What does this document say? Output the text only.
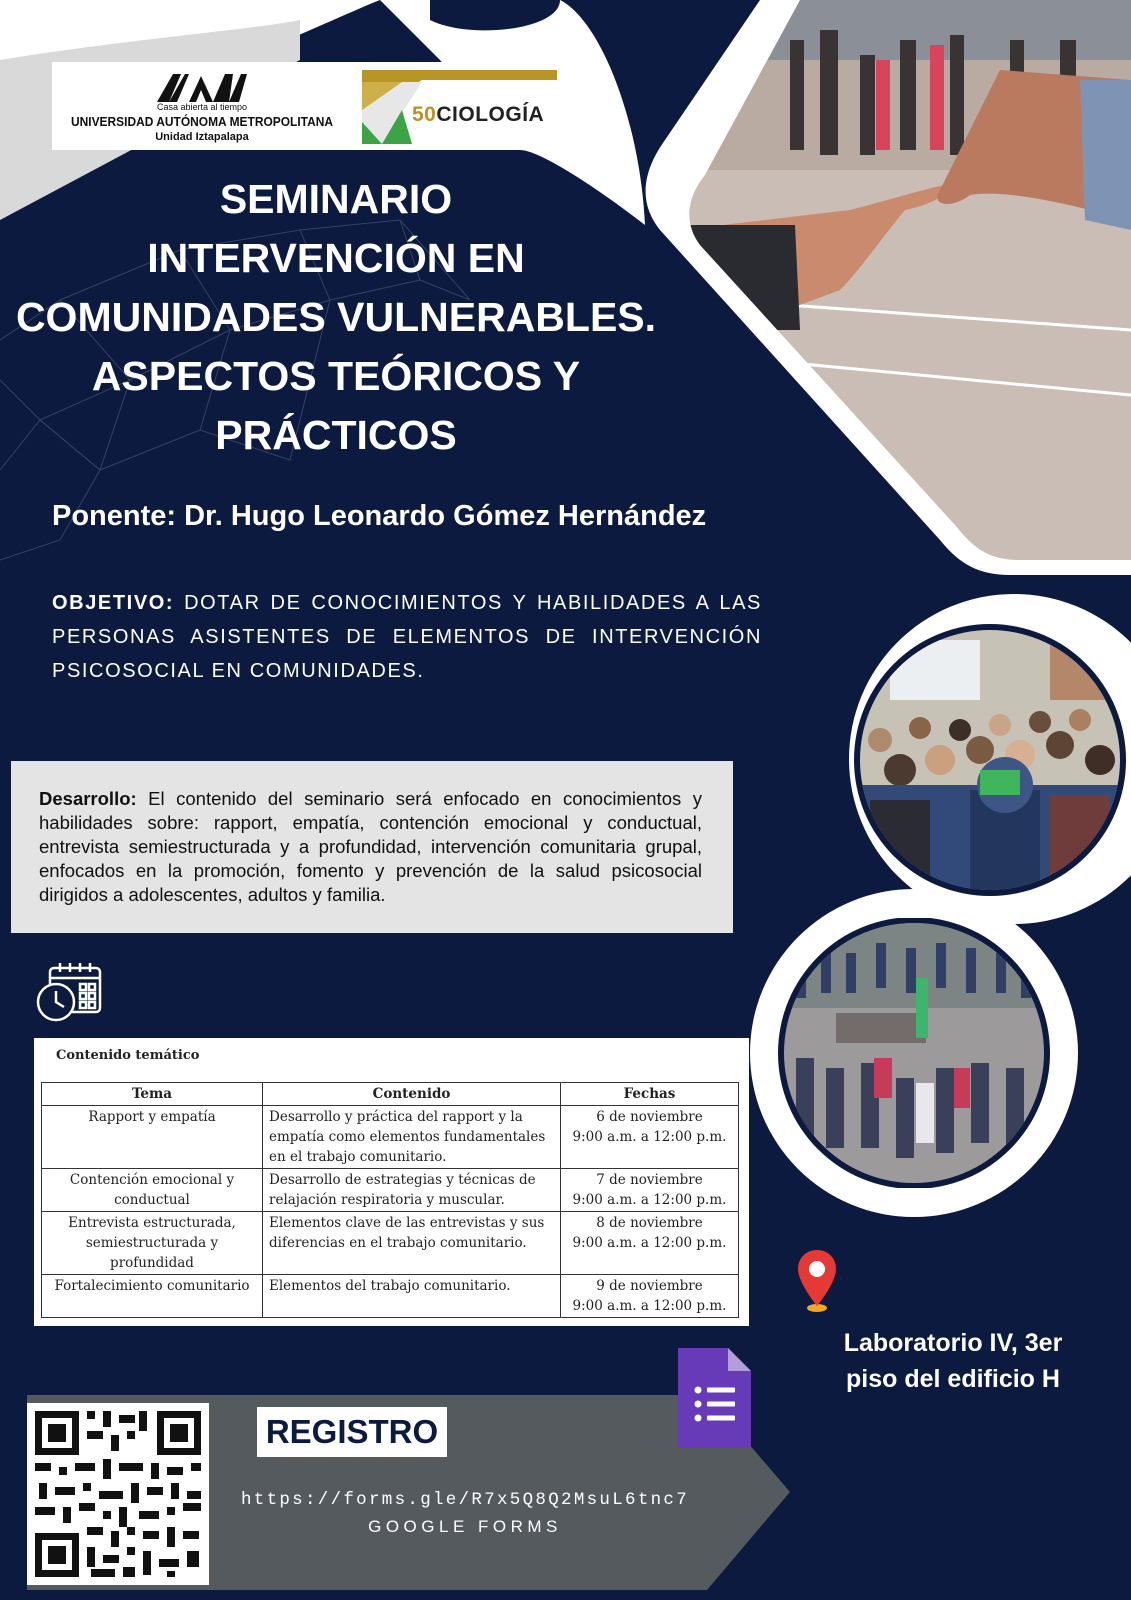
Casa abierta al tiempo
UNIVERSIDAD AUTÓNOMA METROPOLITANA
Unidad Iztapalapa
50CIOLOGÍA
SEMINARIO
INTERVENCIÓN EN
COMUNIDADES VULNERABLES.
ASPECTOS TEÓRICOS Y
PRÁCTICOS
Ponente: Dr. Hugo Leonardo Gómez Hernández
OBJETIVO: DOTAR DE CONOCIMIENTOS Y HABILIDADES A LAS PERSONAS ASISTENTES DE ELEMENTOS DE INTERVENCIÓN PSICOSOCIAL EN COMUNIDADES.
Desarrollo: El contenido del seminario será enfocado en conocimientos y habilidades sobre: rapport, empatía, contención emocional y conductual, entrevista semiestructurada y a profundidad, intervención comunitaria grupal, enfocados en la promoción, fomento y prevención de la salud psicosocial dirigidos a adolescentes, adultos y familia.
Contenido temático
Tema	Contenido	Fechas
Rapport y empatía	Desarrollo y práctica del rapport y la empatía como elementos fundamentales en el trabajo comunitario.	6 de noviembre
9:00 a.m. a 12:00 p.m.

Contención emocional y conductual	Desarrollo de estrategias y técnicas de relajación respiratoria y muscular.	7 de noviembre
9:00 a.m. a 12:00 p.m.

Entrevista estructurada, semiestructurada y profundidad	Elementos clave de las entrevistas y sus diferencias en el trabajo comunitario.	8 de noviembre
9:00 a.m. a 12:00 p.m.

Fortalecimiento comunitario	Elementos del trabajo comunitario.	9 de noviembre
9:00 a.m. a 12:00 p.m.
Laboratorio IV, 3er
piso del edificio H
REGISTRO
https://forms.gle/R7x5Q8Q2MsuL6tnc7
GOOGLE FORMS
